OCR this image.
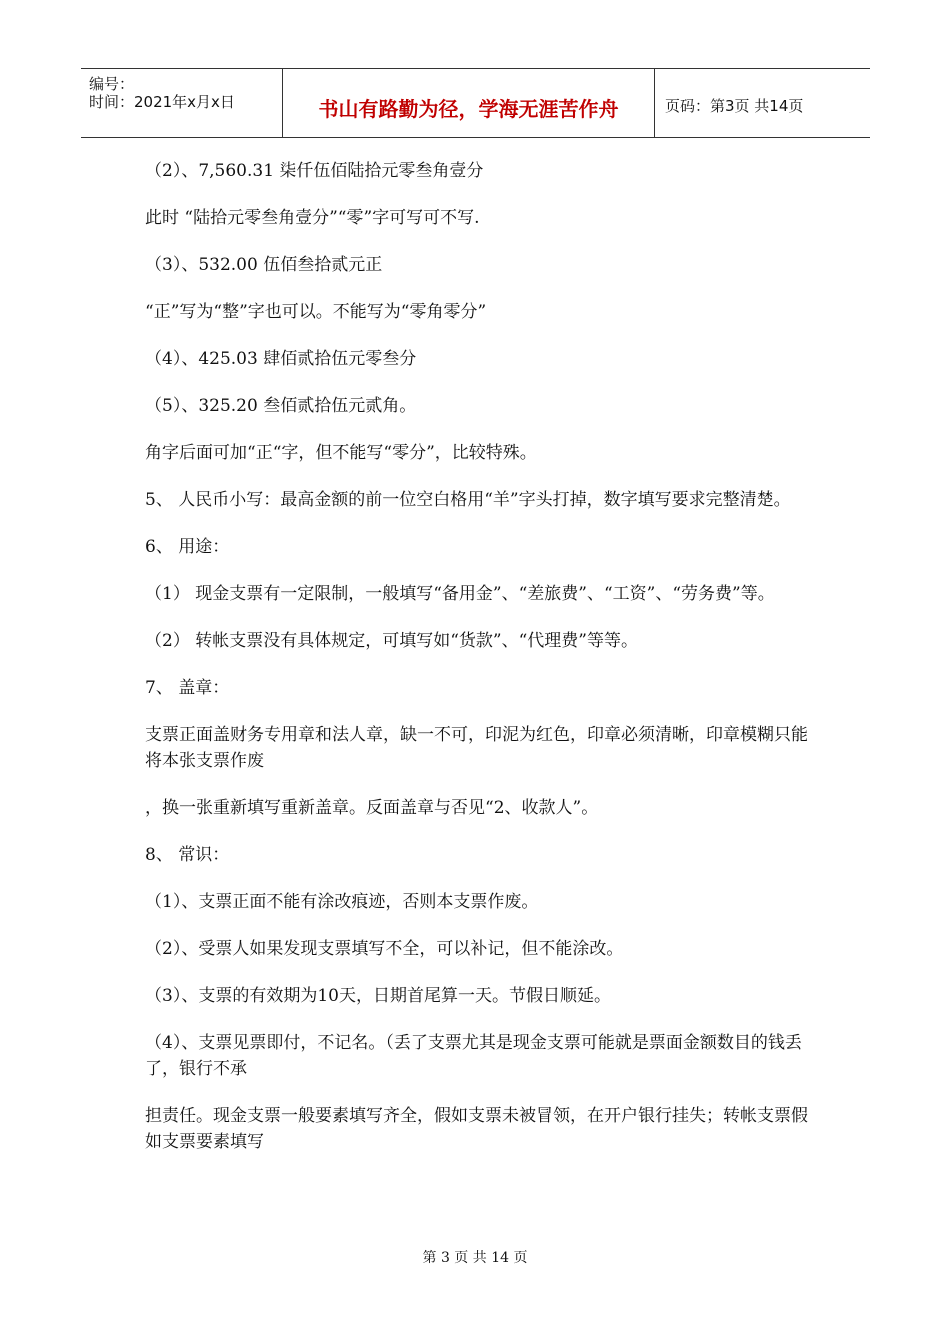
编号：
时间：2021年x月x日	书山有路勤为径，学海无涯苦作舟	页码：第3页 共14页

（2）、7,560.31 柒仟伍佰陆拾元零叁角壹分

此时 “陆拾元零叁角壹分”“零”字可写可不写.

（3）、532.00 伍佰叁拾贰元正

“正”写为“整”字也可以。不能写为“零角零分”

（4）、425.03 肆佰贰拾伍元零叁分

（5）、325.20 叁佰贰拾伍元贰角。

角字后面可加“正“字，但不能写“零分”，比较特殊。

5、 人民币小写：最高金额的前一位空白格用“羊”字头打掉，数字填写要求完整清楚。

6、 用途：

（1） 现金支票有一定限制，一般填写“备用金”、“差旅费”、“工资”、“劳务费”等。

（2） 转帐支票没有具体规定，可填写如“货款”、“代理费”等等。

7、 盖章：

支票正面盖财务专用章和法人章，缺一不可，印泥为红色，印章必须清晰，印章模糊只能将本张支票作废

，换一张重新填写重新盖章。反面盖章与否见“2、收款人”。

8、 常识：

（1）、支票正面不能有涂改痕迹，否则本支票作废。

（2）、受票人如果发现支票填写不全，可以补记，但不能涂改。

（3）、支票的有效期为10天，日期首尾算一天。节假日顺延。

（4）、支票见票即付，不记名。（丢了支票尤其是现金支票可能就是票面金额数目的钱丢了，银行不承

担责任。现金支票一般要素填写齐全，假如支票未被冒领，在开户银行挂失；转帐支票假如支票要素填写

第 3 页 共 14 页
